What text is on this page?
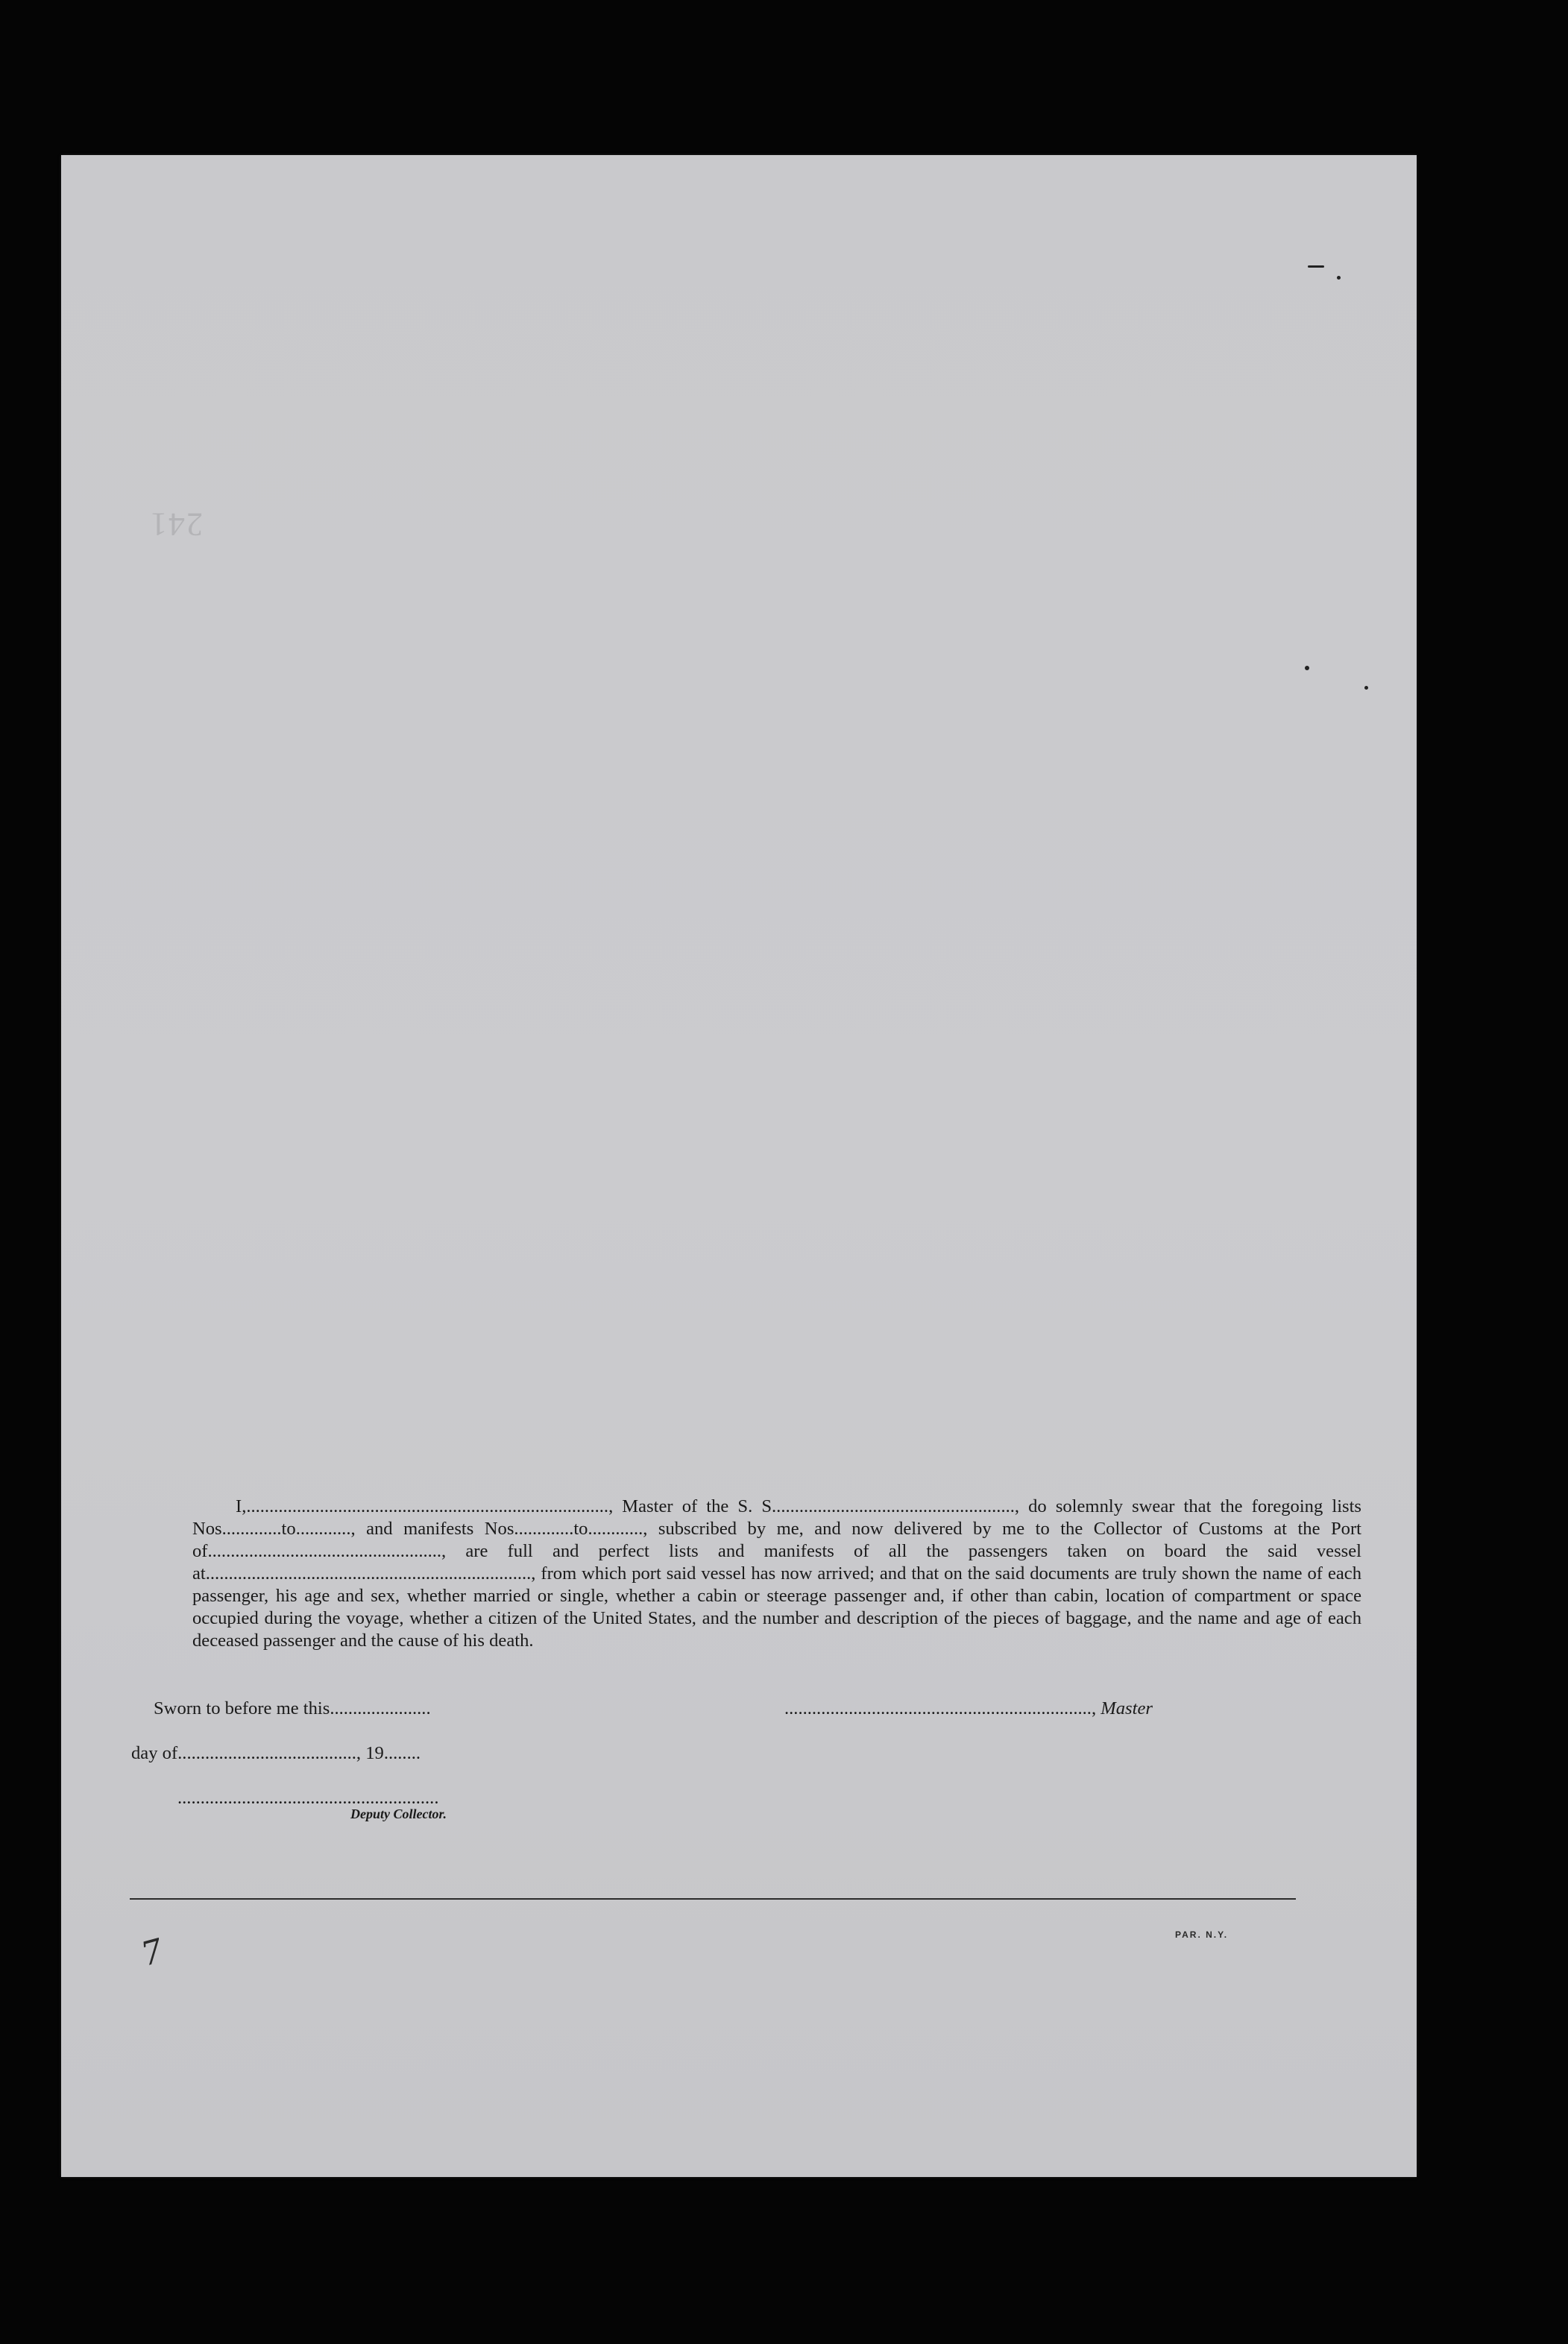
241

I,..............................................................................., Master of the S. S....................................................., do solemnly swear that the foregoing lists Nos.............to............, and manifests Nos.............to............, subscribed by me, and now delivered by me to the Collector of Customs at the Port of..................................................., are full and perfect lists and manifests of all the passengers taken on board the said vessel at......................................................................., from which port said vessel has now arrived; and that on the said documents are truly shown the name of each passenger, his age and sex, whether married or single, whether a cabin or steerage passenger and, if other than cabin, location of compartment or space occupied during the voyage, whether a citizen of the United States, and the number and description of the pieces of baggage, and the name and age of each deceased passenger and the cause of his death.

Sworn to before me this......................	..................................................................., Master
day of......................................., 19........
.........................................................
Deputy Collector.
PAR. N.Y.
7
